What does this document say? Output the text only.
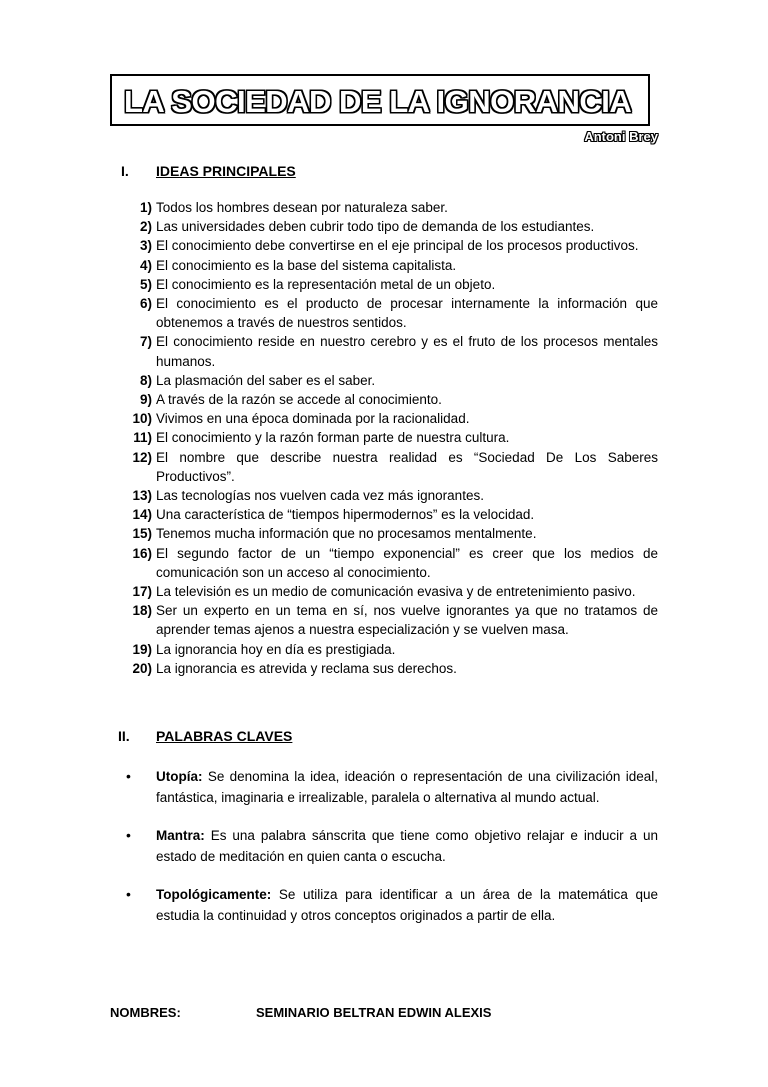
LA SOCIEDAD DE LA IGNORANCIA
Antoni Brey
I. IDEAS PRINCIPALES
1) Todos los hombres desean por naturaleza saber.
2) Las universidades deben cubrir todo tipo de demanda de los estudiantes.
3) El conocimiento debe convertirse en el eje principal de los procesos productivos.
4) El conocimiento es la base del sistema capitalista.
5) El conocimiento es la representación metal de un objeto.
6) El conocimiento es el producto de procesar internamente la información que obtenemos a través de nuestros sentidos.
7) El conocimiento reside en nuestro cerebro y es el fruto de los procesos mentales humanos.
8) La plasmación del saber es el saber.
9) A través de la razón se accede al conocimiento.
10) Vivimos en una época dominada por la racionalidad.
11) El conocimiento y la razón forman parte de nuestra cultura.
12) El nombre que describe nuestra realidad es “Sociedad De Los Saberes Productivos”.
13) Las tecnologías nos vuelven cada vez más ignorantes.
14) Una característica de “tiempos hipermodernos” es la velocidad.
15) Tenemos mucha información que no procesamos mentalmente.
16) El segundo factor de un “tiempo exponencial” es creer que los medios de comunicación son un acceso al conocimiento.
17) La televisión es un medio de comunicación evasiva y de entretenimiento pasivo.
18) Ser un experto en un tema en sí, nos vuelve ignorantes ya que no tratamos de aprender temas ajenos a nuestra especialización y se vuelven masa.
19) La ignorancia hoy en día es prestigiada.
20) La ignorancia es atrevida y reclama sus derechos.
II. PALABRAS CLAVES
• Utopía: Se denomina la idea, ideación o representación de una civilización ideal, fantástica, imaginaria e irrealizable, paralela o alternativa al mundo actual.
• Mantra: Es una palabra sánscrita que tiene como objetivo relajar e inducir a un estado de meditación en quien canta o escucha.
• Topológicamente: Se utiliza para identificar a un área de la matemática que estudia la continuidad y otros conceptos originados a partir de ella.
NOMBRES:	SEMINARIO BELTRAN EDWIN ALEXIS
